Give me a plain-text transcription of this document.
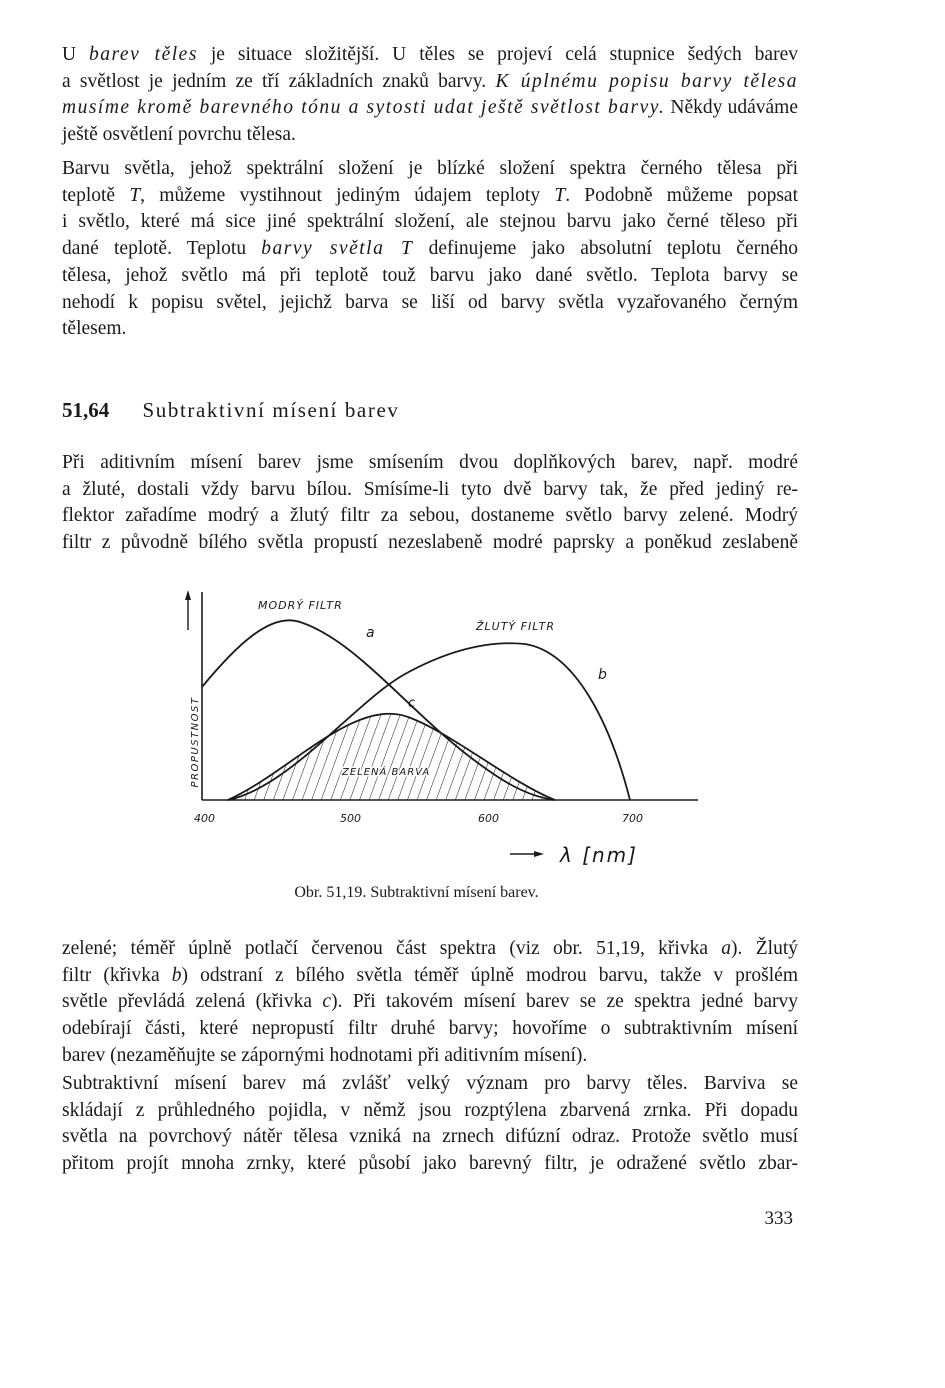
U barev těles je situace složitější. U těles se projeví celá stupnice šedých barev
a světlost je jedním ze tří základních znaků barvy. K úplnému popisu barvy tělesa
musíme kromě barevného tónu a sytosti udat ještě světlost barvy. Někdy udáváme
ještě osvětlení povrchu tělesa.
Barvu světla, jehož spektrální složení je blízké složení spektra černého tělesa při
teplotě T, můžeme vystihnout jediným údajem teploty T. Podobně můžeme popsat
i světlo, které má sice jiné spektrální složení, ale stejnou barvu jako černé těleso při
dané teplotě. Teplotu barvy světla T definujeme jako absolutní teplotu černého
tělesa, jehož světlo má při teplotě touž barvu jako dané světlo. Teplota barvy se
nehodí k popisu světel, jejichž barva se liší od barvy světla vyzařovaného černým
tělesem.
51,64 Subtraktivní mísení barev
Při aditivním mísení barev jsme smísením dvou doplňkových barev, např. modré
a žluté, dostali vždy barvu bílou. Smísíme-li tyto dvě barvy tak, že před jediný re-
flektor zařadíme modrý a žlutý filtr za sebou, dostaneme světlo barvy zelené. Modrý
filtr z původně bílého světla propustí nezeslabeně modré paprsky a poněkud zeslabeně
PROPUSTNOST
MODRÝ FILTR
ŽLUTÝ FILTR
ZELENÁ BARVA
a
b
c
400	500	600	700
λ [nm]
Obr. 51,19. Subtraktivní mísení barev.
zelené; téměř úplně potlačí červenou část spektra (viz obr. 51,19, křivka a). Žlutý
filtr (křivka b) odstraní z bílého světla téměř úplně modrou barvu, takže v prošlém
světle převládá zelená (křivka c). Při takovém mísení barev se ze spektra jedné barvy
odebírají části, které nepropustí filtr druhé barvy; hovoříme o subtraktivním mísení
barev (nezaměňujte se zápornými hodnotami při aditivním mísení).
Subtraktivní mísení barev má zvlášť velký význam pro barvy těles. Barviva se
skládají z průhledného pojidla, v němž jsou rozptýlena zbarvená zrnka. Při dopadu
světla na povrchový nátěr tělesa vzniká na zrnech difúzní odraz. Protože světlo musí
přitom projít mnoha zrnky, které působí jako barevný filtr, je odražené světlo zbar-
333
